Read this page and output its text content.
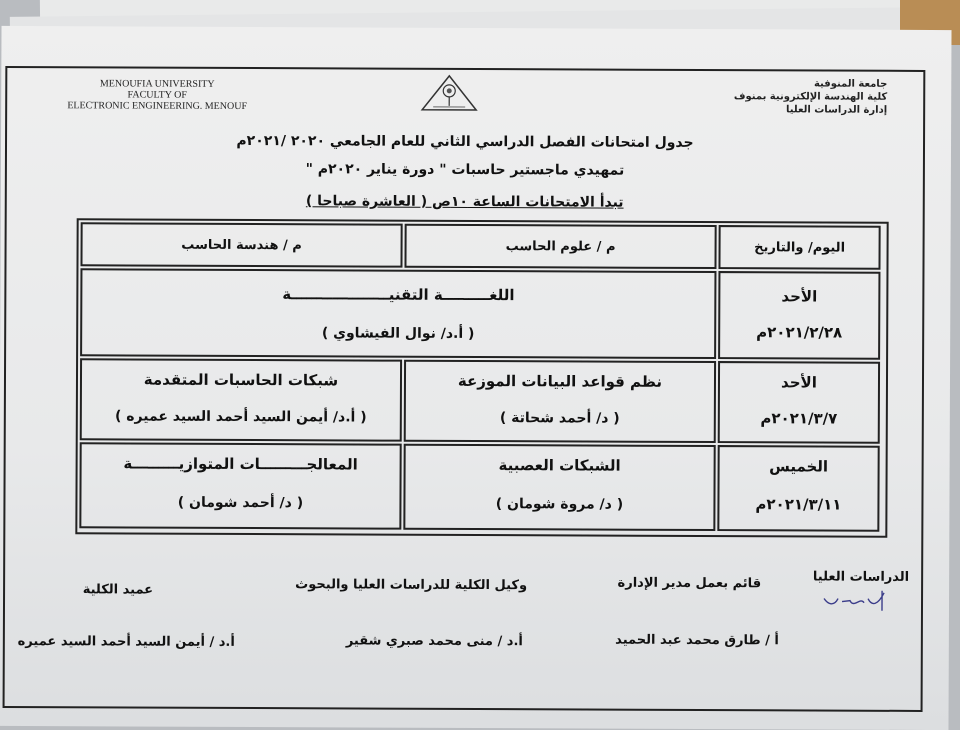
MENOUFIA UNIVERSITY
FACULTY OF
ELECTRONIC ENGINEERING. MENOUF
جامعة المنوفية
كلية الهندسة الإلكترونية بمنوف
إدارة الدراسات العليا
جدول امتحانات الفصل الدراسي الثاني للعام الجامعي ٢٠٢٠ /٢٠٢١م
تمهيدي ماجستير حاسبات " دورة يناير ٢٠٢٠م "
تبدأ الامتحانات الساعة ١٠ص ( العاشرة صباحا )
اليوم/ والتاريخ
م / علوم الحاسب
م / هندسة الحاسب
الأحد
٢٠٢١/٢/٢٨م
اللغـــــــــة التقنيـــــــــــــــــــة
( أ.د/ نوال الفيشاوي )
الأحد
٢٠٢١/٣/٧م
نظم قواعد البيانات الموزعة
( د/ أحمد شحاتة )
شبكات الحاسبات المتقدمة
( أ.د/ أيمن السيد أحمد السيد عميره )
الخميس
٢٠٢١/٣/١١م
الشبكات العصبية
( د/ مروة شومان )
المعالجـــــــــات المتوازيـــــــــة
( د/ أحمد شومان )
الدراسات العليا
قائم بعمل مدير الإدارة
أ / طارق محمد عبد الحميد
وكيل الكلية للدراسات العليا والبحوث
أ.د / منى محمد صبري شقير
عميد الكلية
أ.د / أيمن السيد أحمد السيد عميره
